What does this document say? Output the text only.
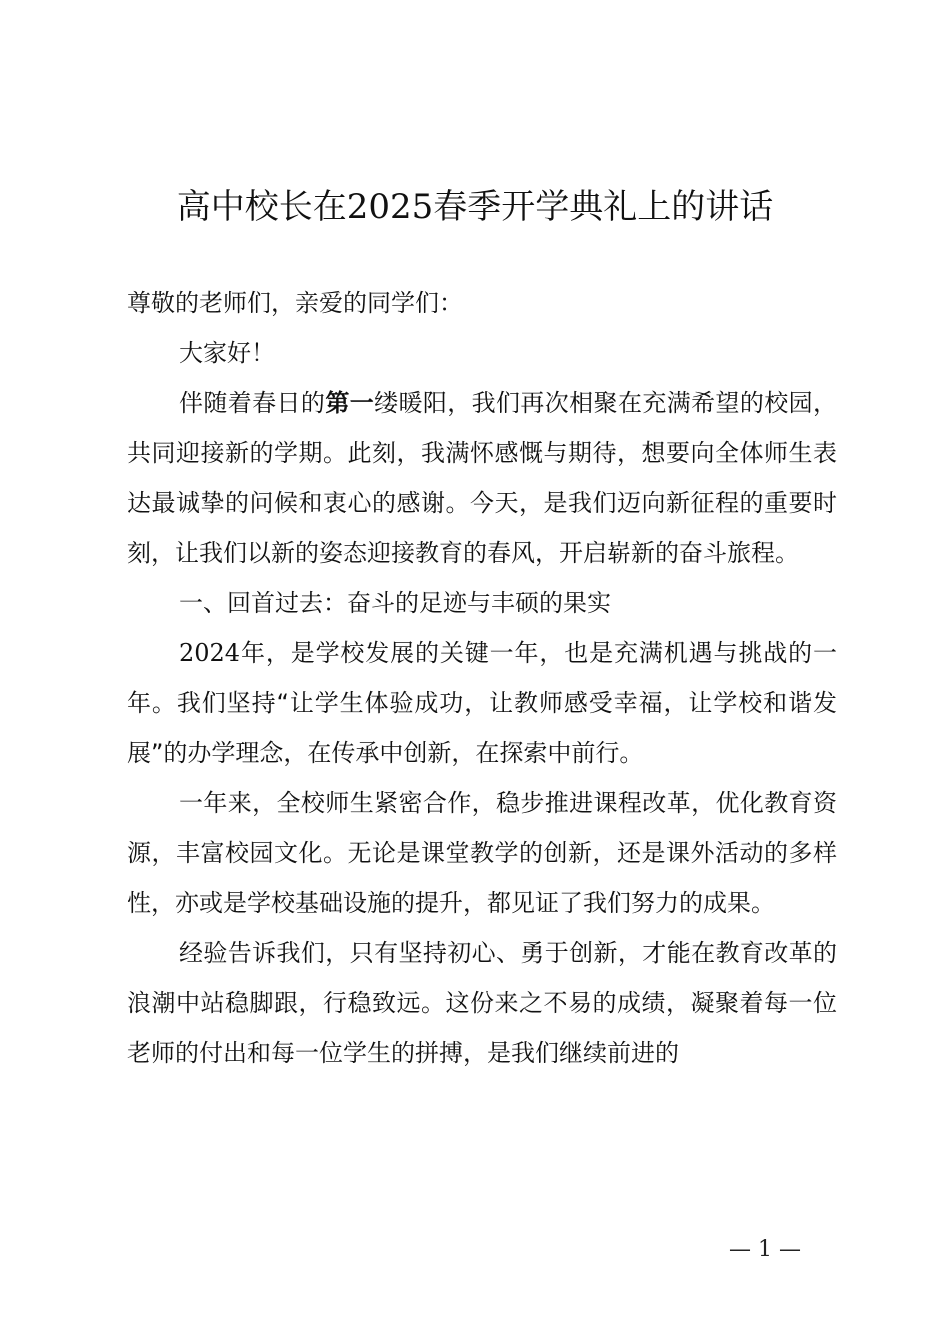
高中校长在2025春季开学典礼上的讲话

尊敬的老师们，亲爱的同学们：

大家好！

伴随着春日的第一缕暖阳，我们再次相聚在充满希望的校园，共同迎接新的学期。此刻，我满怀感慨与期待，想要向全体师生表达最诚挚的问候和衷心的感谢。今天，是我们迈向新征程的重要时刻，让我们以新的姿态迎接教育的春风，开启崭新的奋斗旅程。

一、回首过去：奋斗的足迹与丰硕的果实

2024年，是学校发展的关键一年，也是充满机遇与挑战的一年。我们坚持“让学生体验成功，让教师感受幸福，让学校和谐发展”的办学理念，在传承中创新，在探索中前行。

一年来，全校师生紧密合作，稳步推进课程改革，优化教育资源，丰富校园文化。无论是课堂教学的创新，还是课外活动的多样性，亦或是学校基础设施的提升，都见证了我们努力的成果。

经验告诉我们，只有坚持初心、勇于创新，才能在教育改革的浪潮中站稳脚跟，行稳致远。这份来之不易的成绩，凝聚着每一位老师的付出和每一位学生的拼搏，是我们继续前进的

— 1 —
